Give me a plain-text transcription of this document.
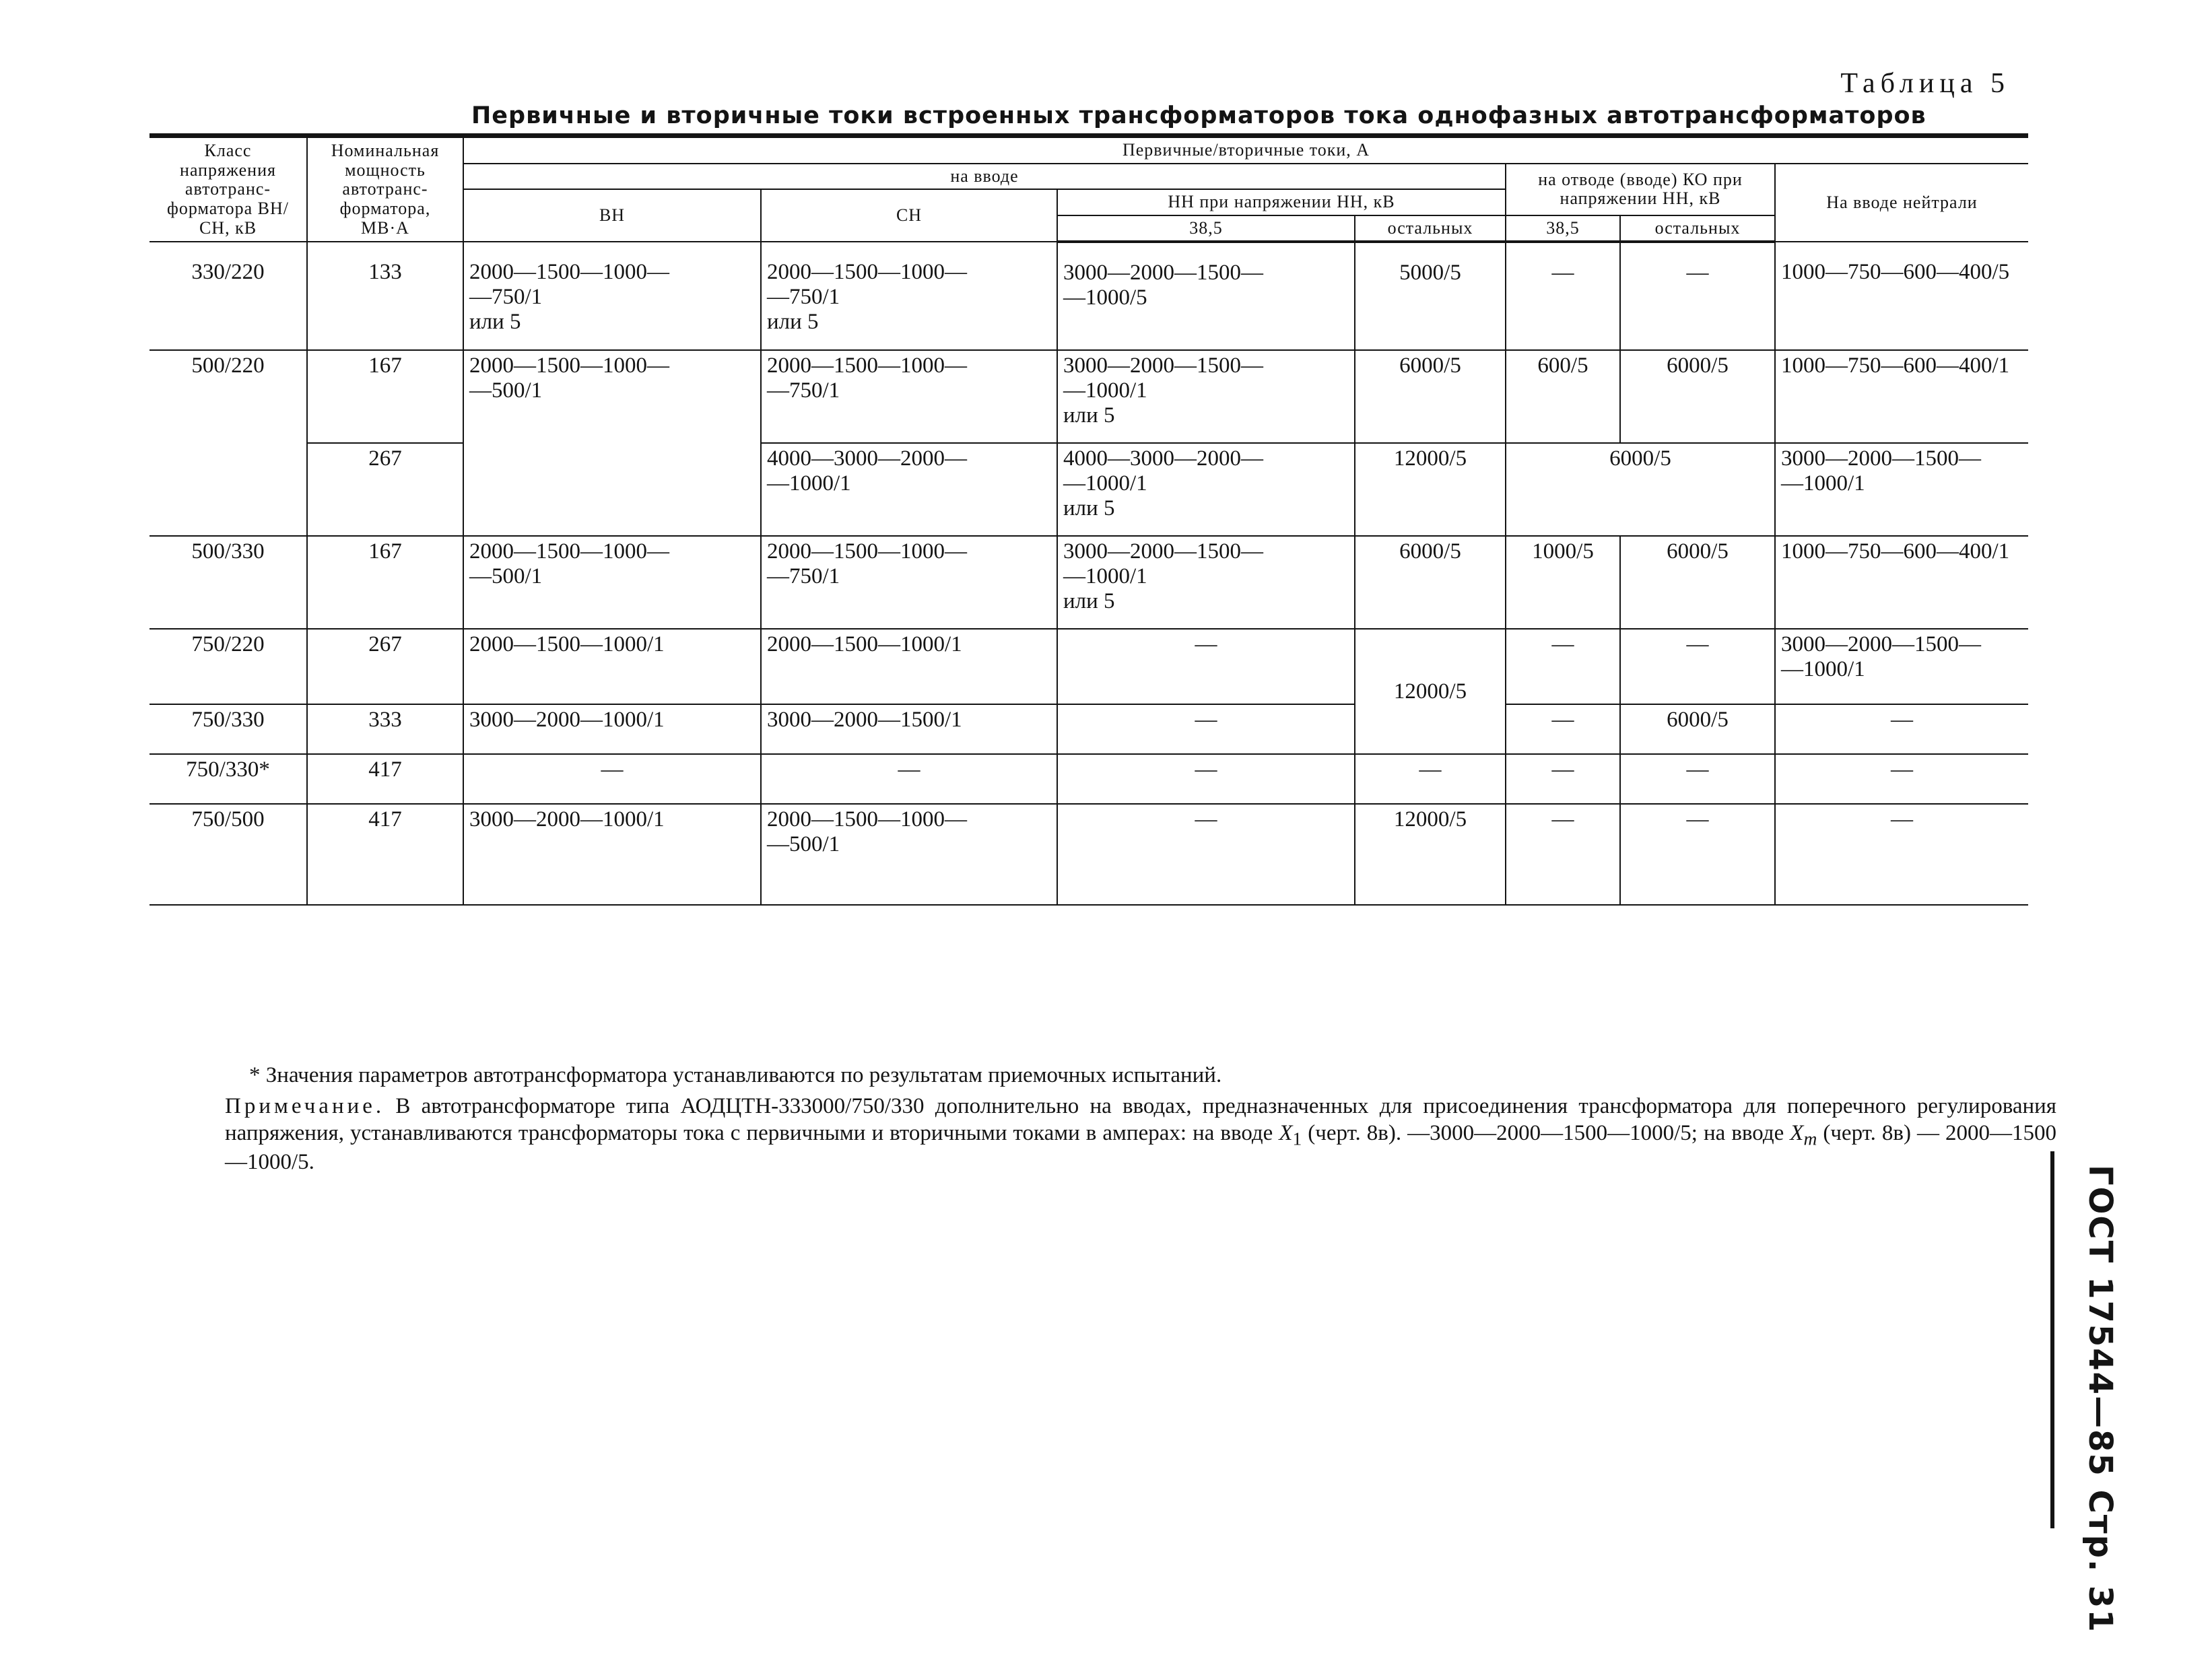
Таблица 5
Первичные и вторичные токи встроенных трансформаторов тока однофазных автотрансформаторов
Класс напряжения автотранс-форматора ВН/СН, кВ	Номинальная мощность автотранс-форматора, МВ·А	Первичные/вторичные токи, А						
		на вводе				на отводе (вводе) КО при напряжении НН, кВ		На вводе нейтрали
		ВН	СН	НН при напряжении НН, кВ				
				38,5	остальных	38,5	остальных	
330/220	133	2000—1500—1000—
—750/1
или 5	2000—1500—1000—
—750/1
или 5	3000—2000—1500—
—1000/5	5000/5	—	—	1000—750—600—400/5
500/220	167	2000—1500—1000—
—500/1	2000—1500—1000—
—750/1	3000—2000—1500—
—1000/1
или 5	6000/5	600/5	6000/5	1000—750—600—400/1
	267		4000—3000—2000—
—1000/1	4000—3000—2000—
—1000/1
или 5	12000/5	6000/5		3000—2000—1500—
—1000/1
500/330	167	2000—1500—1000—
—500/1	2000—1500—1000—
—750/1	3000—2000—1500—
—1000/1
или 5	6000/5	1000/5	6000/5	1000—750—600—400/1
750/220	267	2000—1500—1000/1	2000—1500—1000/1	—	12000/5	—	—	3000—2000—1500—
—1000/1
750/330	333	3000—2000—1000/1	3000—2000—1500/1	—		—	6000/5	—
750/330*	417	—	—	—	—	—	—	—
750/500	417	3000—2000—1000/1	2000—1500—1000—
—500/1	—	12000/5	—	—	—
* Значения параметров автотрансформатора устанавливаются по результатам приемочных испытаний.

Примечание. В автотрансформаторе типа АОДЦТН-333000/750/330 дополнительно на вводах, предназначенных для присоединения трансформатора для поперечного регулирования напряжения, устанавливаются трансформаторы тока с первичными и вторичными токами в амперах: на вводе $X_1$ (черт. 8в). —3000—2000—1500—1000/5; на вводе $X_m$ (черт. 8в) — 2000—1500—1000/5.

ГОСТ 17544—85 Стр. 31
